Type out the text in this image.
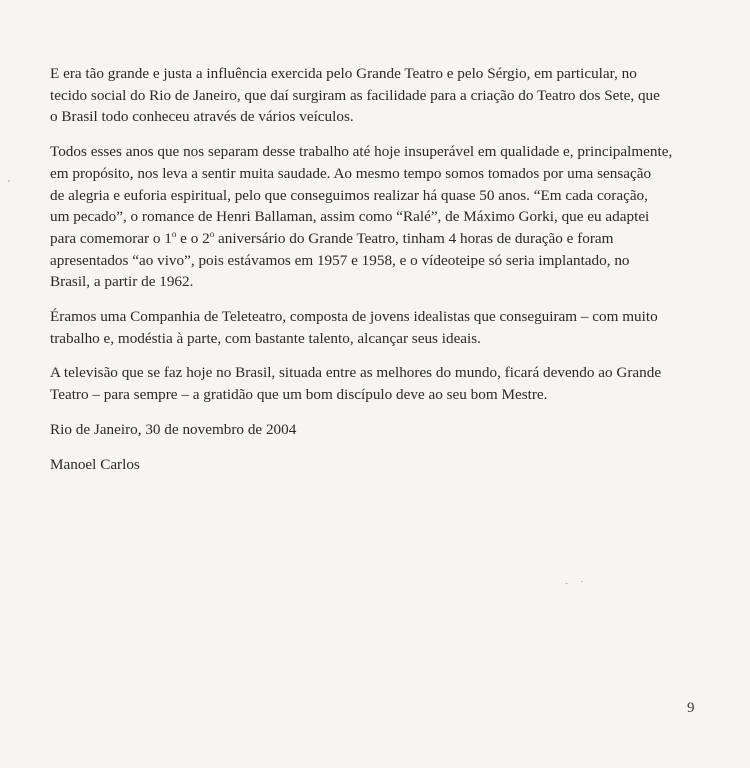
E era tão grande e justa a influência exercida pelo Grande Teatro e pelo Sérgio, em particular, no
tecido social do Rio de Janeiro, que daí surgiram as facilidade para a criação do Teatro dos Sete, que
o Brasil todo conheceu através de vários veículos.

Todos esses anos que nos separam desse trabalho até hoje insuperável em qualidade e, principalmente,
em propósito, nos leva a sentir muita saudade. Ao mesmo tempo somos tomados por uma sensação
de alegria e euforia espiritual, pelo que conseguimos realizar há quase 50 anos. “Em cada coração,
um pecado”, o romance de Henri Ballaman, assim como “Ralé”, de Máximo Gorki, que eu adaptei
para comemorar o 1$^o$ e o 2$^o$ aniversário do Grande Teatro, tinham 4 horas de duração e foram
apresentados “ao vivo”, pois estávamos em 1957 e 1958, e o vídeoteipe só seria implantado, no
Brasil, a partir de 1962.

Éramos uma Companhia de Teleteatro, composta de jovens idealistas que conseguiram – com muito
trabalho e, modéstia à parte, com bastante talento, alcançar seus ideais.

A televisão que se faz hoje no Brasil, situada entre as melhores do mundo, ficará devendo ao Grande
Teatro – para sempre – a gratidão que um bom discípulo deve ao seu bom Mestre.

Rio de Janeiro, 30 de novembro de 2004

Manoel Carlos

9
